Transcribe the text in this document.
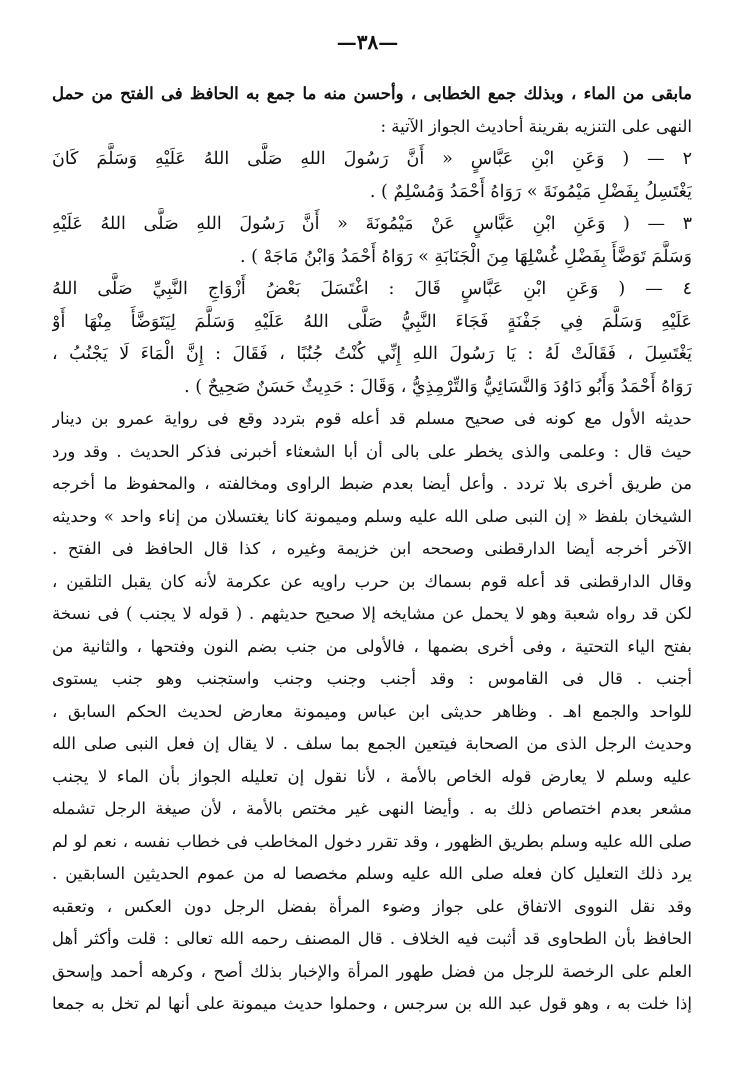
—٣٨—
مابقى من الماء ، وبذلك جمع الخطابى ، وأحسن منه ما جمع به الحافظ فى الفتح من حمل
النهى على التنزيه بقرينة أحاديث الجواز الآتية :
٢ — ( وَعَنِ ابْنِ عَبَّاسٍ « أَنَّ رَسُولَ اللهِ صَلَّى اللهُ عَلَيْهِ وَسَلَّمَ كَانَ
يَغْتَسِلُ بِفَضْلِ مَيْمُونَةَ » رَوَاهُ أَحْمَدُ وَمُسْلِمٌ ) .
٣ — ( وَعَنِ ابْنِ عَبَّاسٍ عَنْ مَيْمُونَةَ « أَنَّ رَسُولَ اللهِ صَلَّى اللهُ عَلَيْهِ
وَسَلَّمَ تَوَضَّأَ بِفَضْلِ غُسْلِهَا مِنَ الْجَنَابَةِ » رَوَاهُ أَحْمَدُ وَابْنُ مَاجَهْ ) .
٤ — ( وَعَنِ ابْنِ عَبَّاسٍ قَالَ : اغْتَسَلَ بَعْضُ أَزْوَاجِ النَّبِيِّ صَلَّى اللهُ
عَلَيْهِ وَسَلَّمَ فِي جَفْنَةٍ فَجَاءَ النَّبِيُّ صَلَّى اللهُ عَلَيْهِ وَسَلَّمَ لِيَتَوَضَّأَ مِنْهَا أَوْ
يَغْتَسِلَ ، فَقَالَتْ لَهُ : يَا رَسُولَ اللهِ إِنِّي كُنْتُ جُنُبًا ، فَقَالَ : إِنَّ الْمَاءَ لَا يَجْنُبُ ،
رَوَاهُ أَحْمَدُ وَأَبُو دَاوُدَ وَالنَّسَائِيُّ وَالتِّرْمِذِيُّ ، وَقَالَ : حَدِيثٌ حَسَنٌ صَحِيحٌ ) .
حديثه الأول مع كونه فى صحيح مسلم قد أعله قوم بتردد وقع فى رواية عمرو بن دينار
حيث قال : وعلمى والذى يخطر على بالى أن أبا الشعثاء أخبرنى فذكر الحديث . وقد ورد
من طريق أخرى بلا تردد . وأعل أيضا بعدم ضبط الراوى ومخالفته ، والمحفوظ ما أخرجه
الشيخان بلفظ « إن النبى صلى الله عليه وسلم وميمونة كانا يغتسلان من إناء واحد » وحديثه
الآخر أخرجه أيضا الدارقطنى وصححه ابن خزيمة وغيره ، كذا قال الحافظ فى الفتح .
وقال الدارقطنى قد أعله قوم بسماك بن حرب راويه عن عكرمة لأنه كان يقبل التلقين ،
لكن قد رواه شعبة وهو لا يحمل عن مشايخه إلا صحيح حديثهم . ( قوله لا يجنب ) فى نسخة
بفتح الياء التحتية ، وفى أخرى بضمها ، فالأولى من جنب بضم النون وفتحها ، والثانية من
أجنب . قال فى القاموس : وقد أجنب وجنب وجنب واستجنب وهو جنب يستوى
للواحد والجمع اهـ . وظاهر حديثى ابن عباس وميمونة معارض لحديث الحكم السابق ،
وحديث الرجل الذى من الصحابة فيتعين الجمع بما سلف . لا يقال إن فعل النبى صلى الله
عليه وسلم لا يعارض قوله الخاص بالأمة ، لأنا نقول إن تعليله الجواز بأن الماء لا يجنب
مشعر بعدم اختصاص ذلك به . وأيضا النهى غير مختص بالأمة ، لأن صيغة الرجل تشمله
صلى الله عليه وسلم بطريق الظهور ، وقد تقرر دخول المخاطب فى خطاب نفسه ، نعم لو لم
يرد ذلك التعليل كان فعله صلى الله عليه وسلم مخصصا له من عموم الحديثين السابقين .
وقد نقل النووى الاتفاق على جواز وضوء المرأة بفضل الرجل دون العكس ، وتعقبه
الحافظ بأن الطحاوى قد أثبت فيه الخلاف . قال المصنف رحمه الله تعالى : قلت وأكثر أهل
العلم على الرخصة للرجل من فضل طهور المرأة والإخبار بذلك أصح ، وكرهه أحمد وإسحق
إذا خلت به ، وهو قول عبد الله بن سرجس ، وحملوا حديث ميمونة على أنها لم تخل به جمعا
